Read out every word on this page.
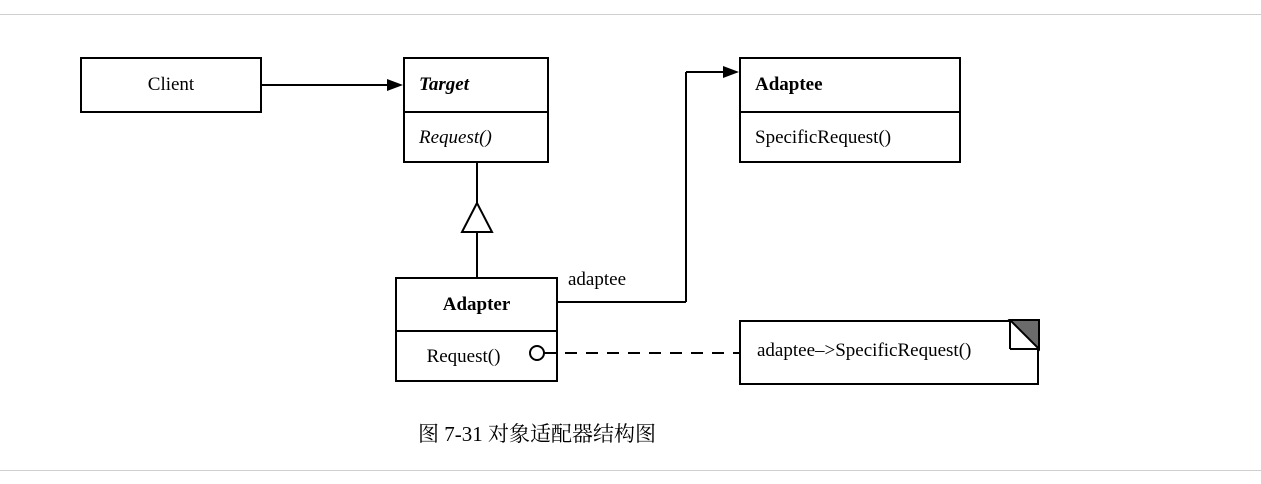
Client	Target
Request()
Adaptee
SpecificRequest()
Adapter
Request()	adaptee–>SpecificRequest()
adaptee
图 7-31 对象适配器结构图
